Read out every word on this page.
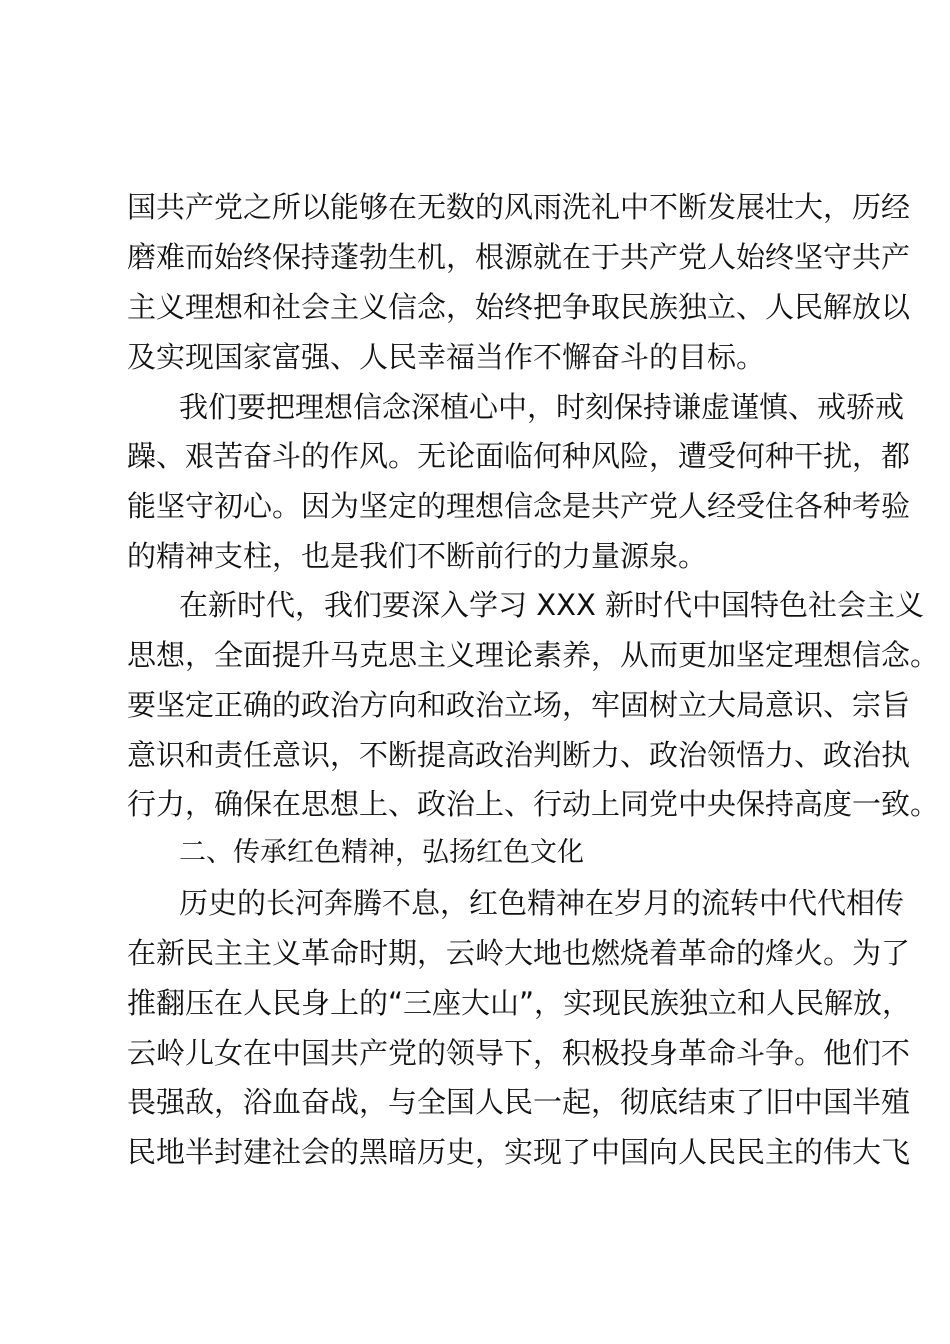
国共产党之所以能够在无数的风雨洗礼中不断发展壮大，历经
磨难而始终保持蓬勃生机，根源就在于共产党人始终坚守共产
主义理想和社会主义信念，始终把争取民族独立、人民解放以
及实现国家富强、人民幸福当作不懈奋斗的目标。
我们要把理想信念深植心中，时刻保持谦虚谨慎、戒骄戒
躁、艰苦奋斗的作风。无论面临何种风险，遭受何种干扰，都
能坚守初心。因为坚定的理想信念是共产党人经受住各种考验
的精神支柱，也是我们不断前行的力量源泉。
在新时代，我们要深入学习 XXX 新时代中国特色社会主义
思想，全面提升马克思主义理论素养，从而更加坚定理想信念。
要坚定正确的政治方向和政治立场，牢固树立大局意识、宗旨
意识和责任意识，不断提高政治判断力、政治领悟力、政治执
行力，确保在思想上、政治上、行动上同党中央保持高度一致。
二、传承红色精神，弘扬红色文化
历史的长河奔腾不息，红色精神在岁月的流转中代代相传
在新民主主义革命时期，云岭大地也燃烧着革命的烽火。为了
推翻压在人民身上的“三座大山”，实现民族独立和人民解放，
云岭儿女在中国共产党的领导下，积极投身革命斗争。他们不
畏强敌，浴血奋战，与全国人民一起，彻底结束了旧中国半殖
民地半封建社会的黑暗历史，实现了中国向人民民主的伟大飞
